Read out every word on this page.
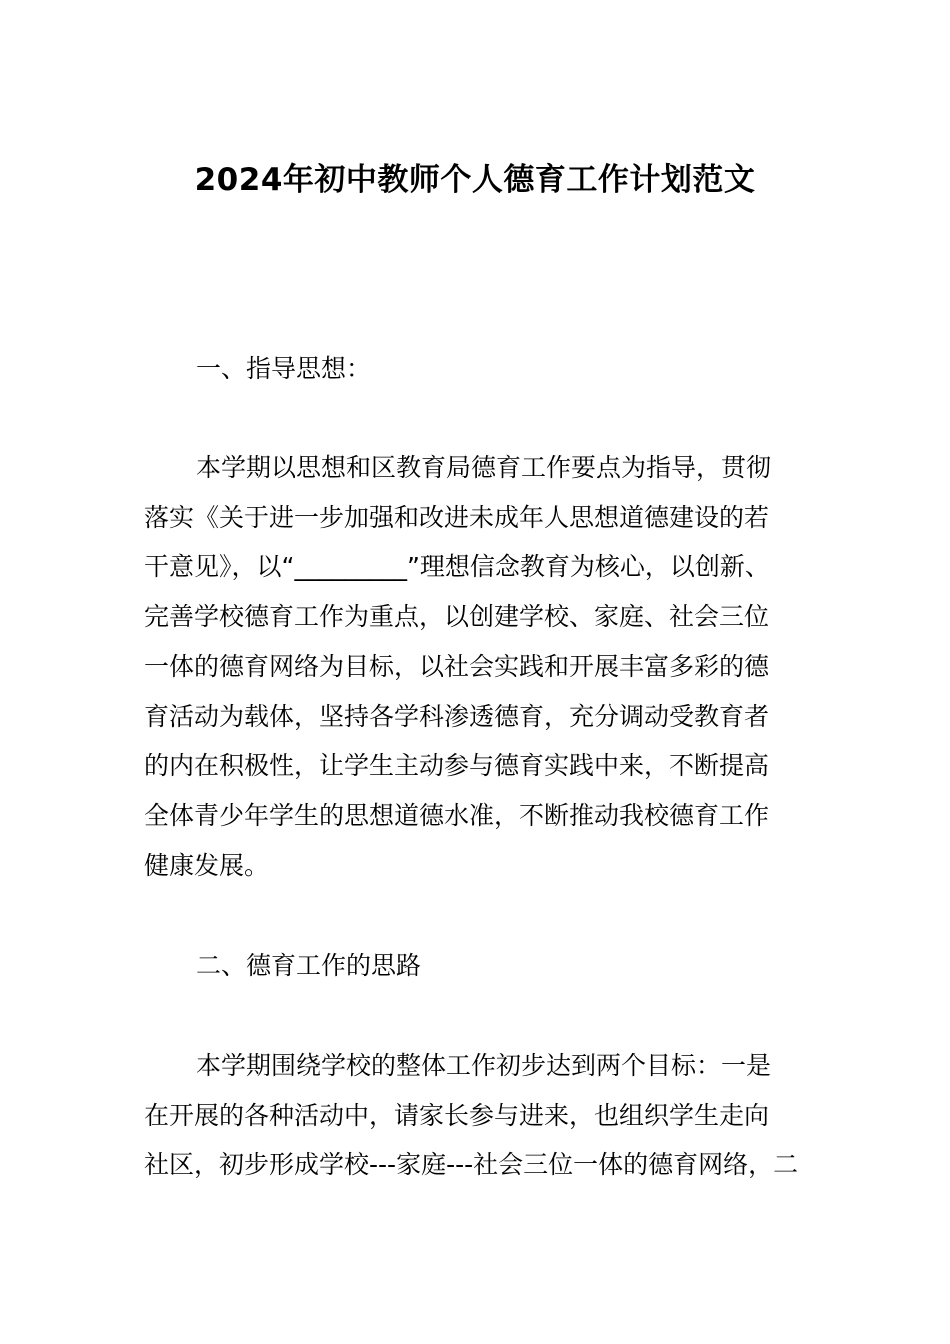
2024年初中教师个人德育工作计划范文
一、指导思想：
本学期以思想和区教育局德育工作要点为指导，贯彻
落实《关于进一步加强和改进未成年人思想道德建设的若
干意见》，以“_________”理想信念教育为核心，以创新、
完善学校德育工作为重点，以创建学校、家庭、社会三位
一体的德育网络为目标，以社会实践和开展丰富多彩的德
育活动为载体，坚持各学科渗透德育，充分调动受教育者
的内在积极性，让学生主动参与德育实践中来，不断提高
全体青少年学生的思想道德水准，不断推动我校德育工作
健康发展。
二、德育工作的思路
本学期围绕学校的整体工作初步达到两个目标：一是
在开展的各种活动中，请家长参与进来，也组织学生走向
社区，初步形成学校---家庭---社会三位一体的德育网络，二
